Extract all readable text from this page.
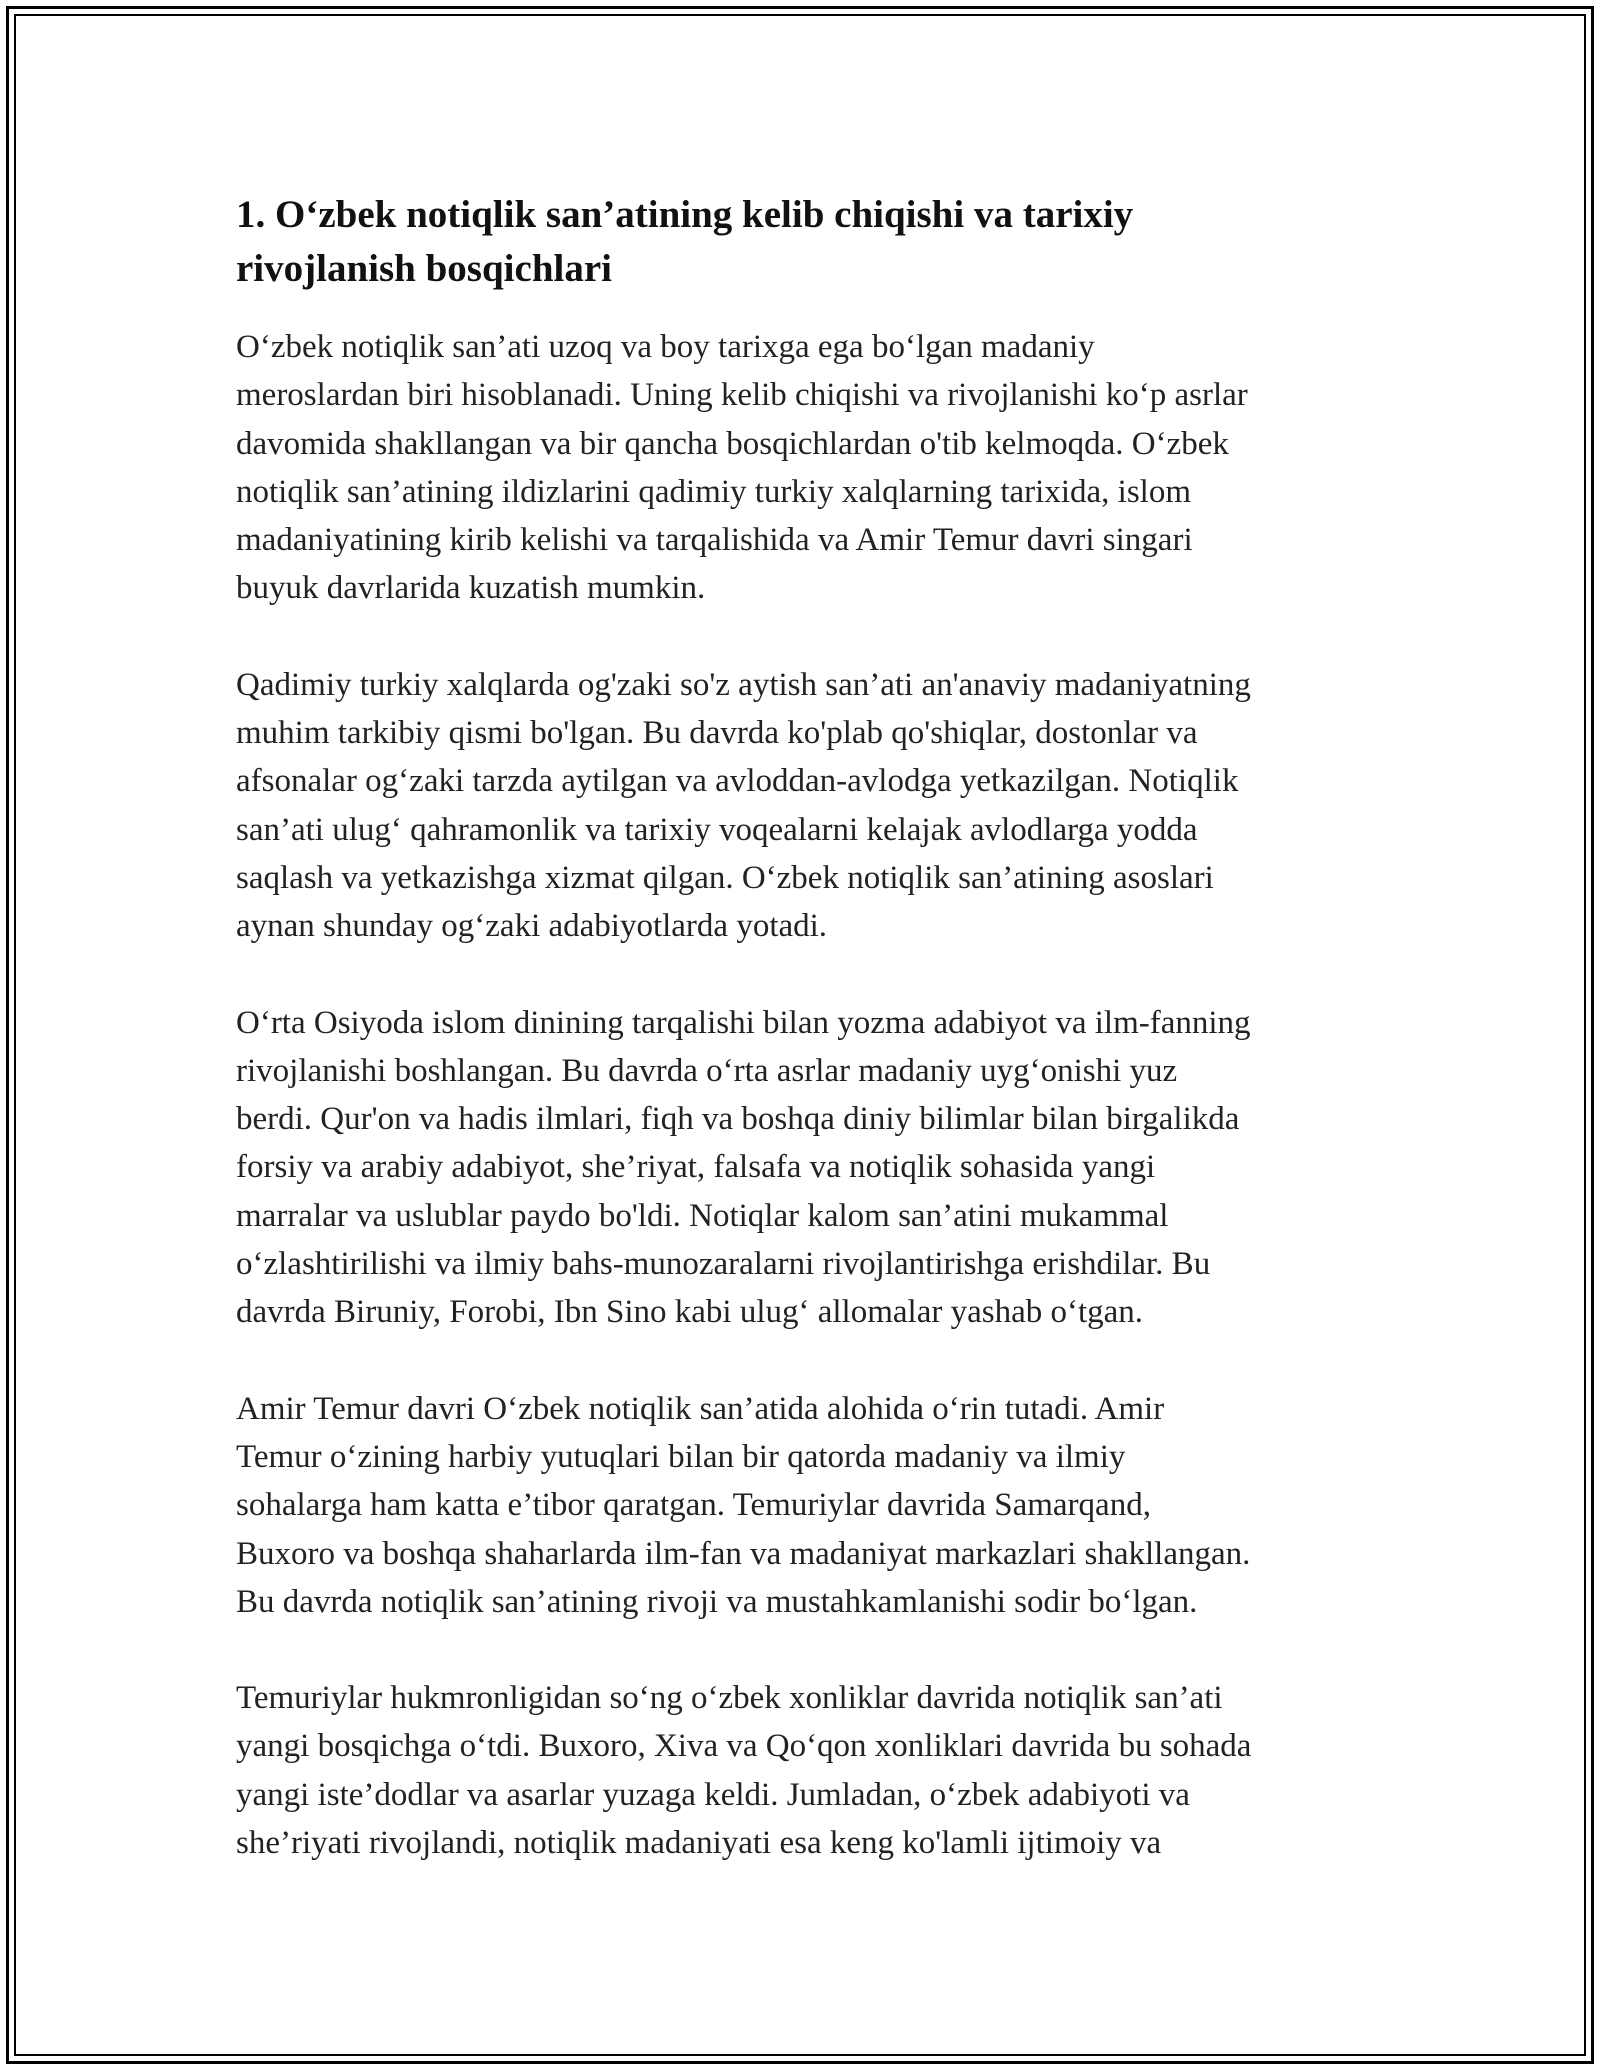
1. O‘zbek notiqlik san’atining kelib chiqishi va tarixiy
rivojlanish bosqichlari

O‘zbek notiqlik san’ati uzoq va boy tarixga ega bo‘lgan madaniy
meroslardan biri hisoblanadi. Uning kelib chiqishi va rivojlanishi ko‘p asrlar
davomida shakllangan va bir qancha bosqichlardan o'tib kelmoqda. O‘zbek
notiqlik san’atining ildizlarini qadimiy turkiy xalqlarning tarixida, islom
madaniyatining kirib kelishi va tarqalishida va Amir Temur davri singari
buyuk davrlarida kuzatish mumkin.

Qadimiy turkiy xalqlarda og'zaki so'z aytish san’ati an'anaviy madaniyatning
muhim tarkibiy qismi bo'lgan. Bu davrda ko'plab qo'shiqlar, dostonlar va
afsonalar og‘zaki tarzda aytilgan va avloddan-avlodga yetkazilgan. Notiqlik
san’ati ulug‘ qahramonlik va tarixiy voqealarni kelajak avlodlarga yodda
saqlash va yetkazishga xizmat qilgan. O‘zbek notiqlik san’atining asoslari
aynan shunday og‘zaki adabiyotlarda yotadi.

O‘rta Osiyoda islom dinining tarqalishi bilan yozma adabiyot va ilm-fanning
rivojlanishi boshlangan. Bu davrda o‘rta asrlar madaniy uyg‘onishi yuz
berdi. Qur'on va hadis ilmlari, fiqh va boshqa diniy bilimlar bilan birgalikda
forsiy va arabiy adabiyot, she’riyat, falsafa va notiqlik sohasida yangi
marralar va uslublar paydo bo'ldi. Notiqlar kalom san’atini mukammal
o‘zlashtirilishi va ilmiy bahs-munozaralarni rivojlantirishga erishdilar. Bu
davrda Biruniy, Forobi, Ibn Sino kabi ulug‘ allomalar yashab o‘tgan.

Amir Temur davri O‘zbek notiqlik san’atida alohida o‘rin tutadi. Amir
Temur o‘zining harbiy yutuqlari bilan bir qatorda madaniy va ilmiy
sohalarga ham katta e’tibor qaratgan. Temuriylar davrida Samarqand,
Buxoro va boshqa shaharlarda ilm-fan va madaniyat markazlari shakllangan.
Bu davrda notiqlik san’atining rivoji va mustahkamlanishi sodir bo‘lgan.

Temuriylar hukmronligidan so‘ng o‘zbek xonliklar davrida notiqlik san’ati
yangi bosqichga o‘tdi. Buxoro, Xiva va Qo‘qon xonliklari davrida bu sohada
yangi iste’dodlar va asarlar yuzaga keldi. Jumladan, o‘zbek adabiyoti va
she’riyati rivojlandi, notiqlik madaniyati esa keng ko'lamli ijtimoiy va
